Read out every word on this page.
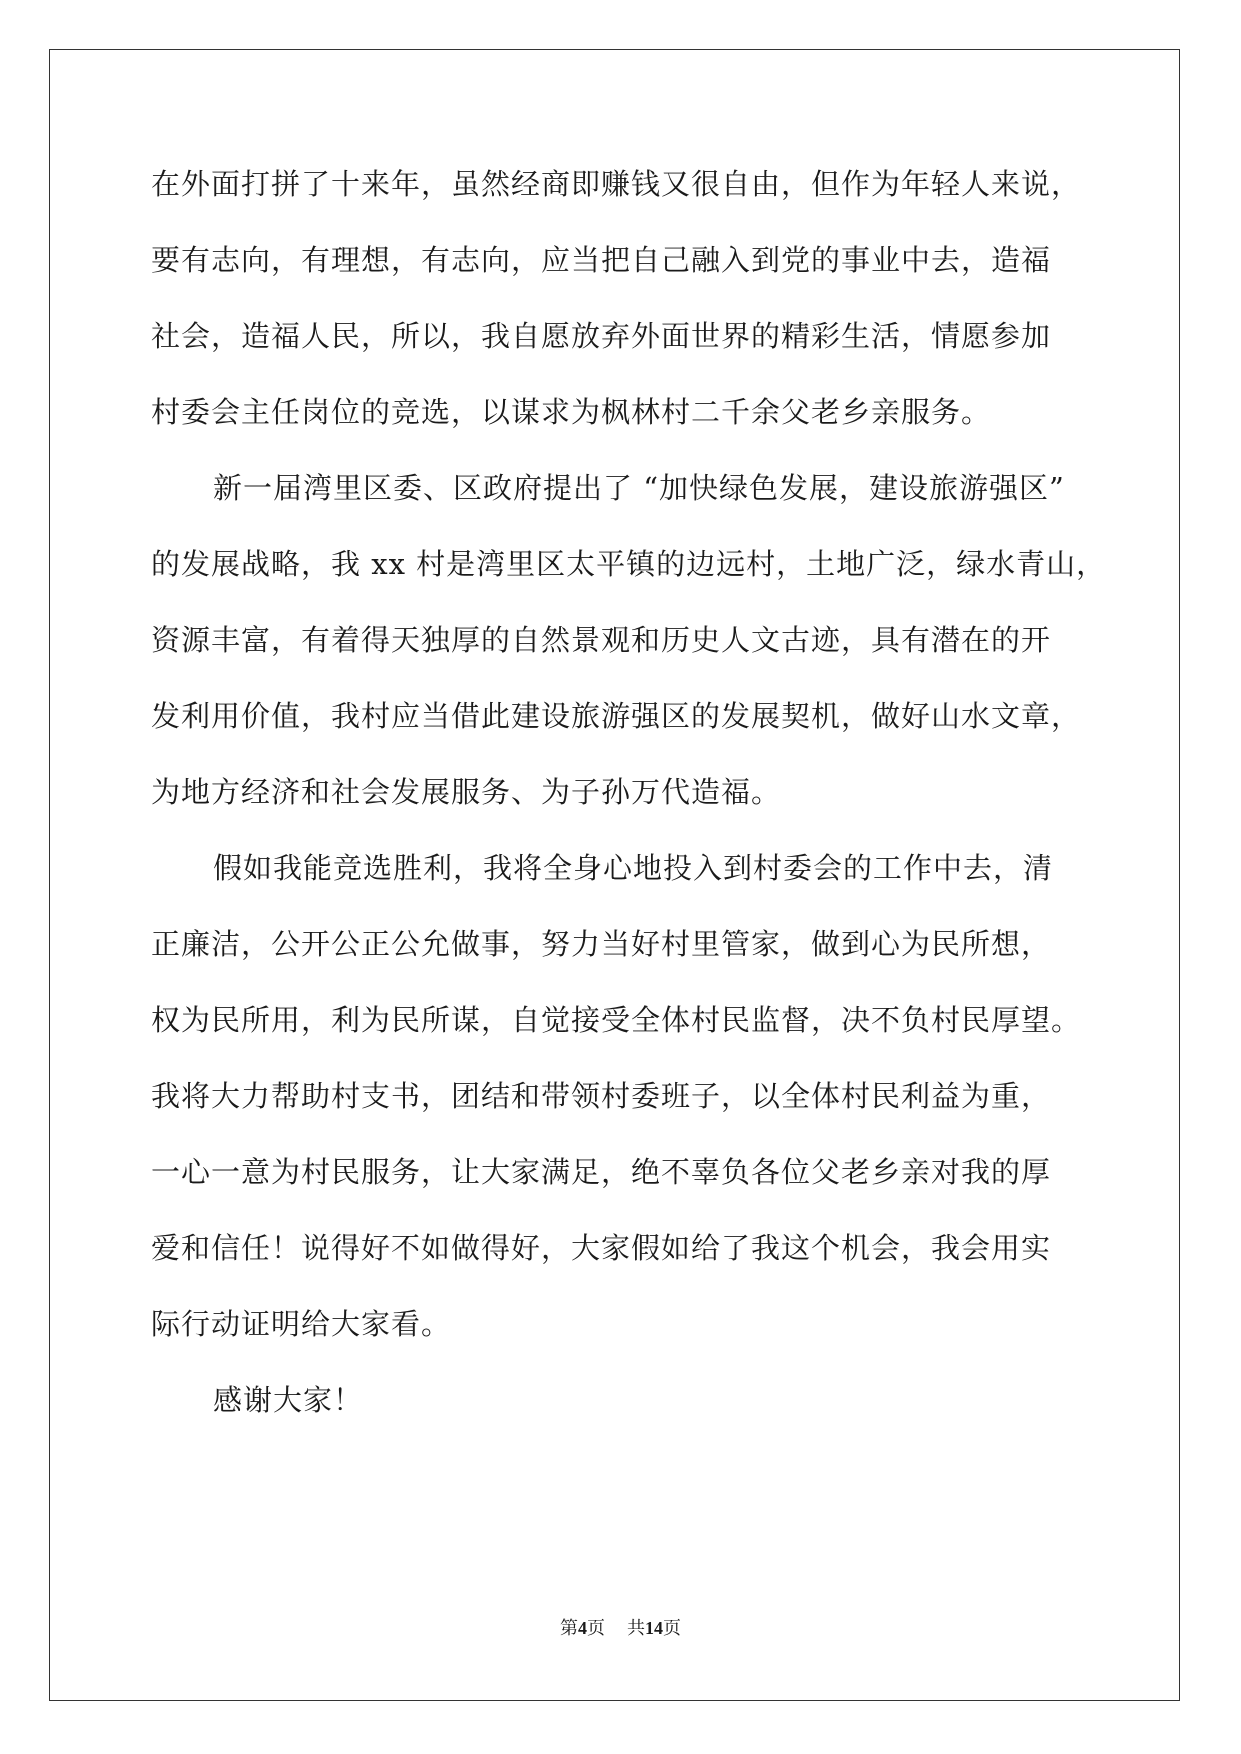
在外面打拼了十来年，虽然经商即赚钱又很自由，但作为年轻人来说，
要有志向，有理想，有志向，应当把自己融入到党的事业中去，造福
社会，造福人民，所以，我自愿放弃外面世界的精彩生活，情愿参加
村委会主任岗位的竞选，以谋求为枫林村二千余父老乡亲服务。
新一届湾里区委、区政府提出了 “加快绿色发展，建设旅游强区”
的发展战略，我 xx 村是湾里区太平镇的边远村，土地广泛，绿水青山，
资源丰富，有着得天独厚的自然景观和历史人文古迹，具有潜在的开
发利用价值，我村应当借此建设旅游强区的发展契机，做好山水文章，
为地方经济和社会发展服务、为子孙万代造福。
假如我能竞选胜利，我将全身心地投入到村委会的工作中去，清
正廉洁，公开公正公允做事，努力当好村里管家，做到心为民所想，
权为民所用，利为民所谋，自觉接受全体村民监督，决不负村民厚望。
我将大力帮助村支书，团结和带领村委班子，以全体村民利益为重，
一心一意为村民服务，让大家满足，绝不辜负各位父老乡亲对我的厚
爱和信任！说得好不如做得好，大家假如给了我这个机会，我会用实
际行动证明给大家看。
感谢大家！
第4页 共14页
